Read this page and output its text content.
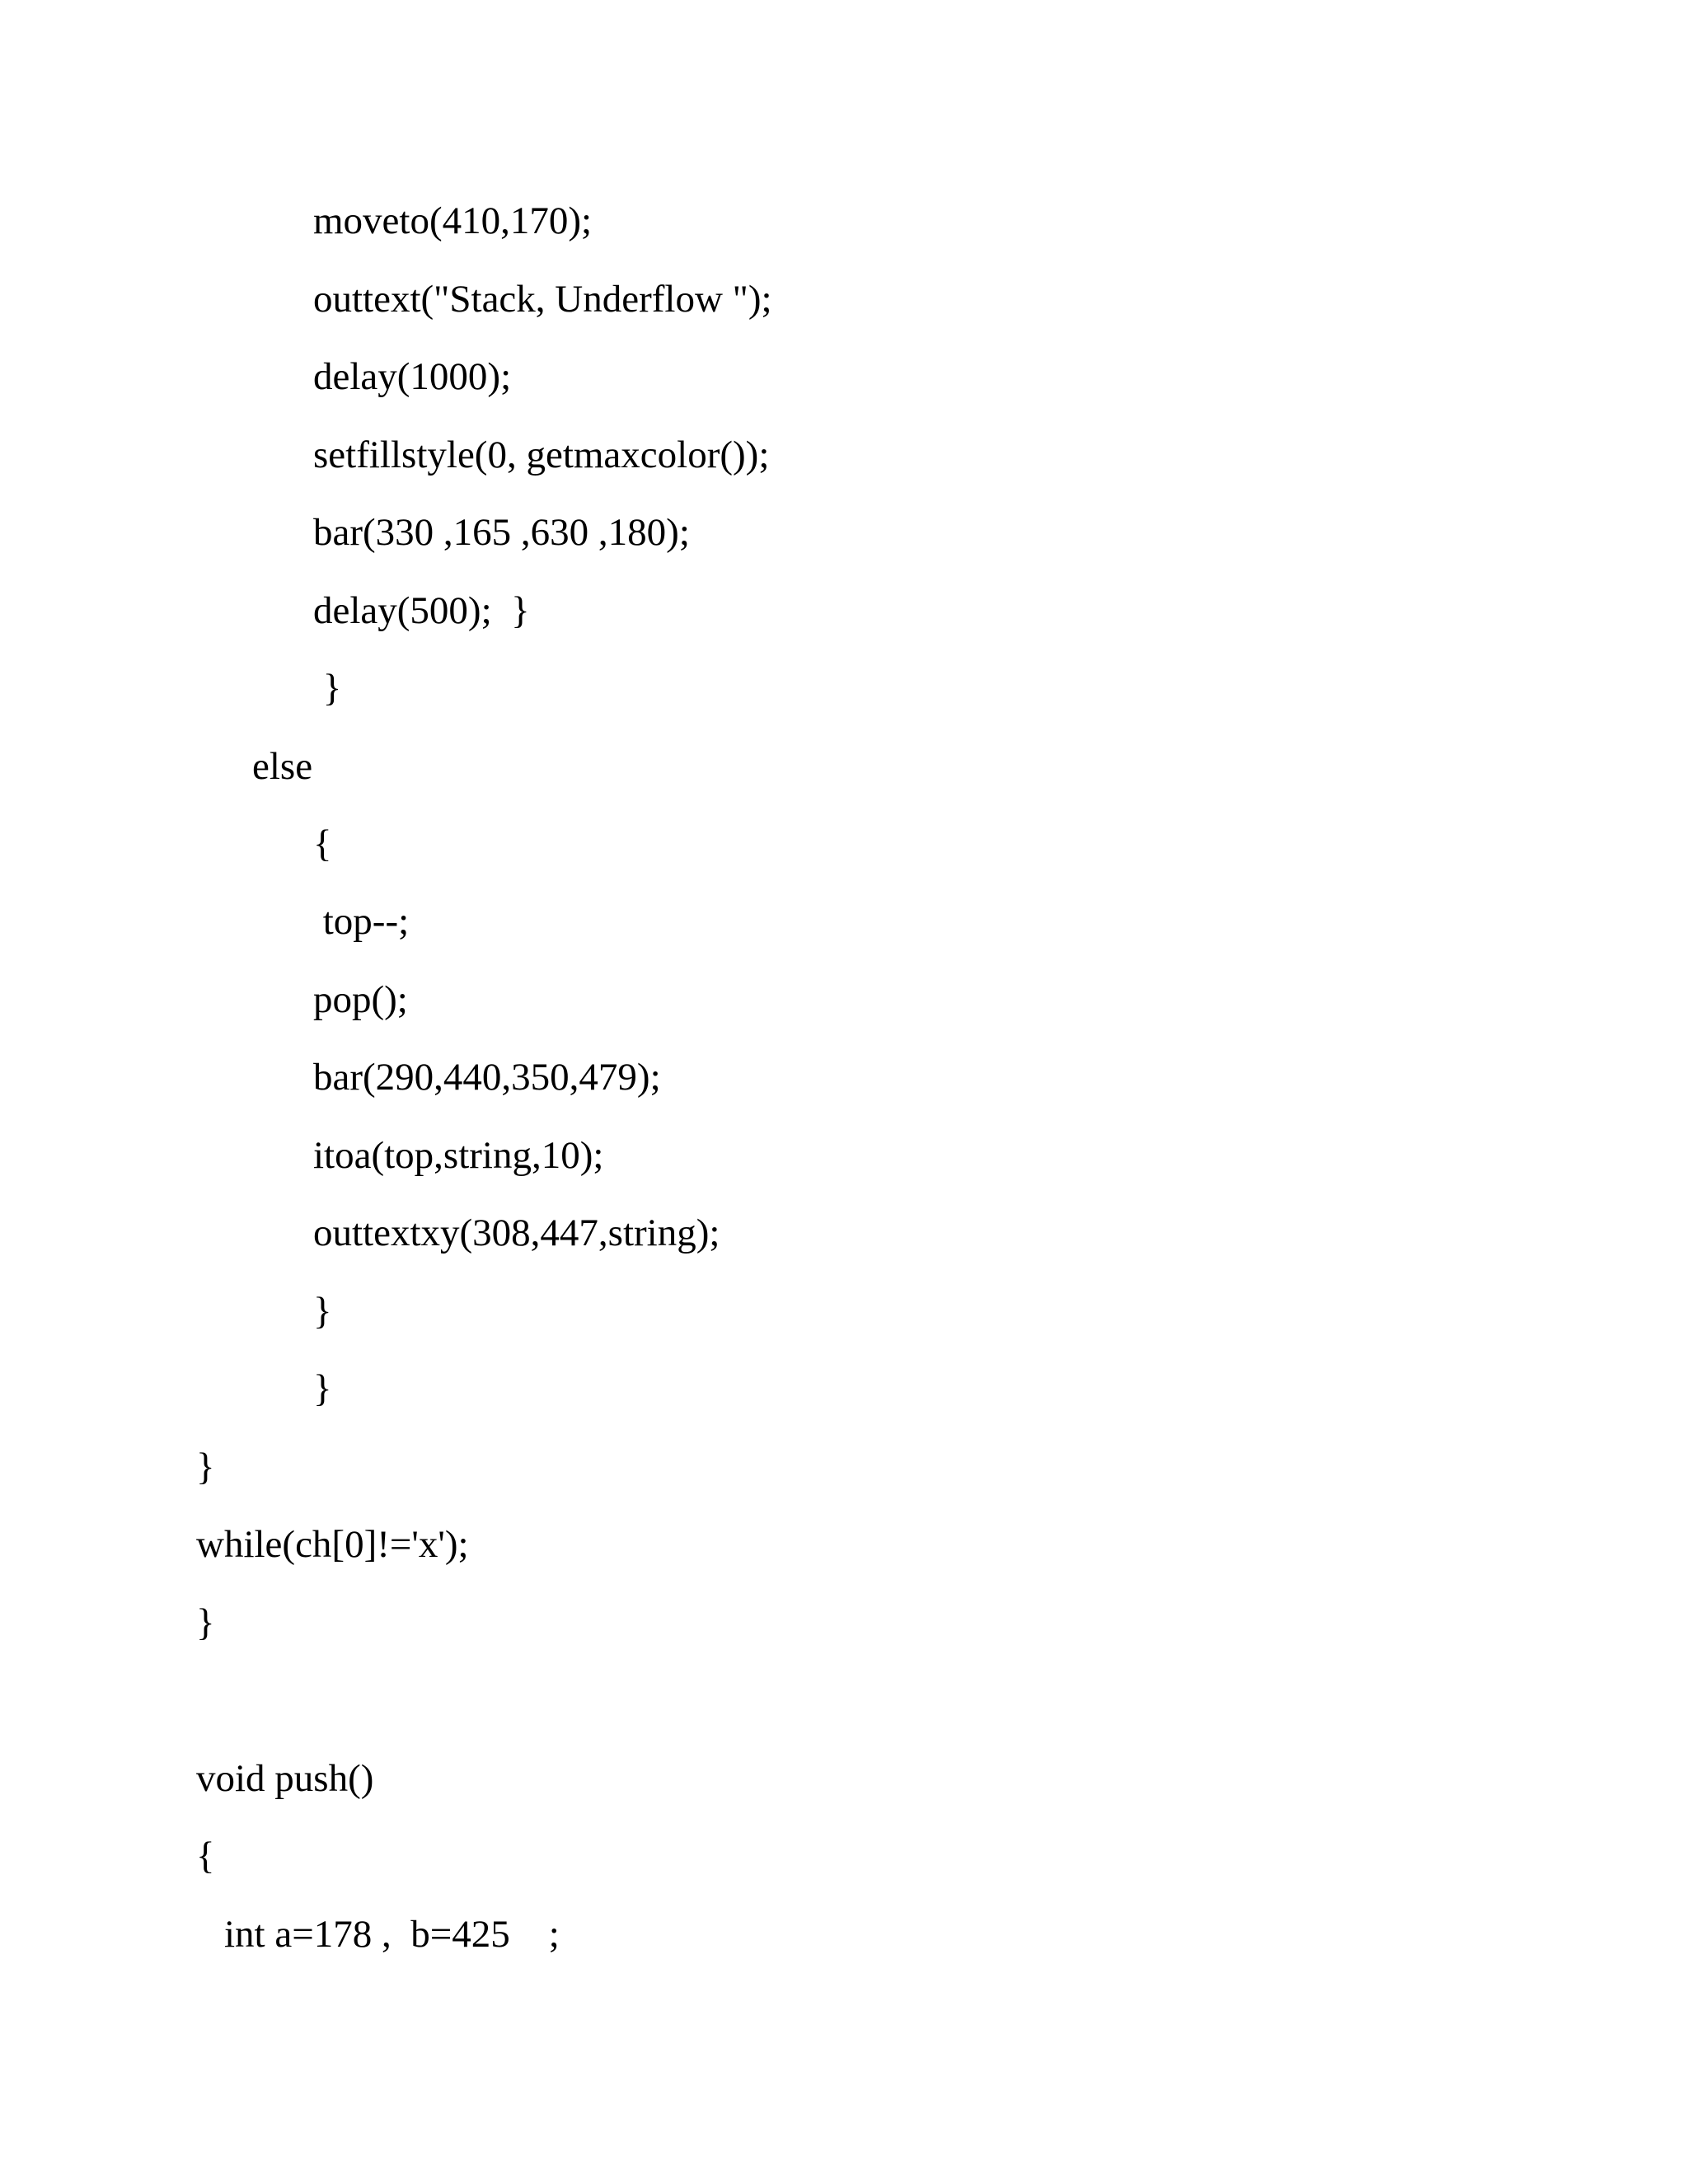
moveto(410,170);
outtext("Stack, Underflow ");
delay(1000);
setfillstyle(0, getmaxcolor());
bar(330 ,165 ,630 ,180);
delay(500);  }
}
else
{
top--;
pop();
bar(290,440,350,479);
itoa(top,string,10);
outtextxy(308,447,string);
}
}
}
while(ch[0]!='x');
}
void push()
{
int a=178 ,  b=425    ;
